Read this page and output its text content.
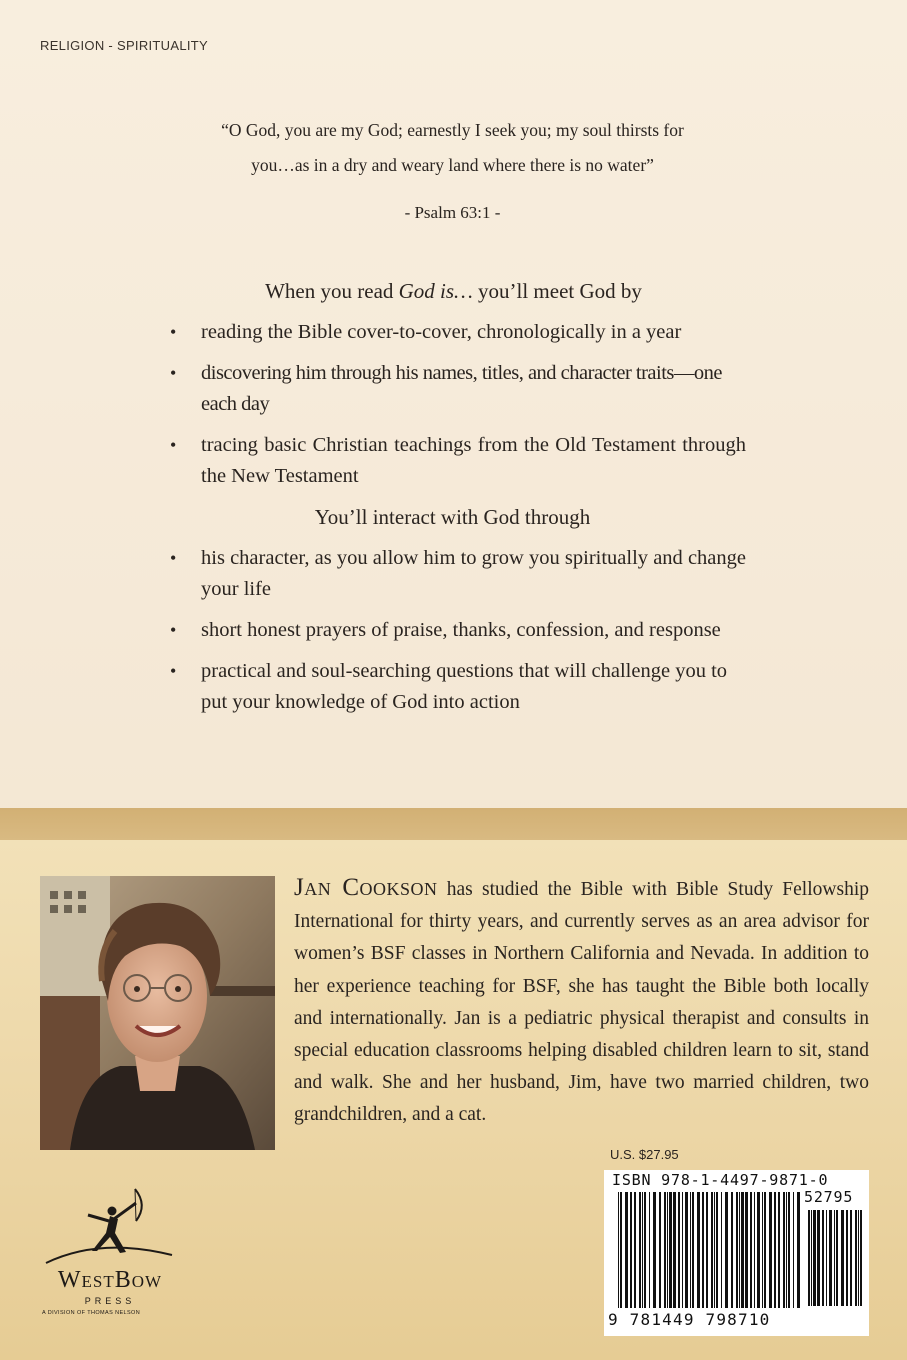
RELIGION - SPIRITUALITY
“O God, you are my God; earnestly I seek you; my soul thirsts for
you…as in a dry and weary land where there is no water”
- Psalm 63:1 -
When you read God is… you’ll meet God by
• reading the Bible cover-to-cover, chronologically in a year
• discovering him through his names, titles, and character traits—one each day
• tracing basic Christian teachings from the Old Testament through the New Testament
You’ll interact with God through
• his character, as you allow him to grow you spiritually and change your life
• short honest prayers of praise, thanks, confession, and response
• practical and soul-searching questions that will challenge you to put your knowledge of God into action
Jan Cookson has studied the Bible with Bible Study Fellowship International for thirty years, and currently serves as an area advisor for women’s BSF classes in Northern California and Nevada. In addition to her experience teaching for BSF, she has taught the Bible both locally and internationally. Jan is a pediatric physical therapist and consults in special education classrooms helping disabled children learn to sit, stand and walk. She and her husband, Jim, have two married children, two grandchildren, and a cat.
U.S. $27.95
ISBN 978-1-4497-9871-0
52795
9 781449 798710
WestBow
PRESS
A DIVISION OF THOMAS NELSON
